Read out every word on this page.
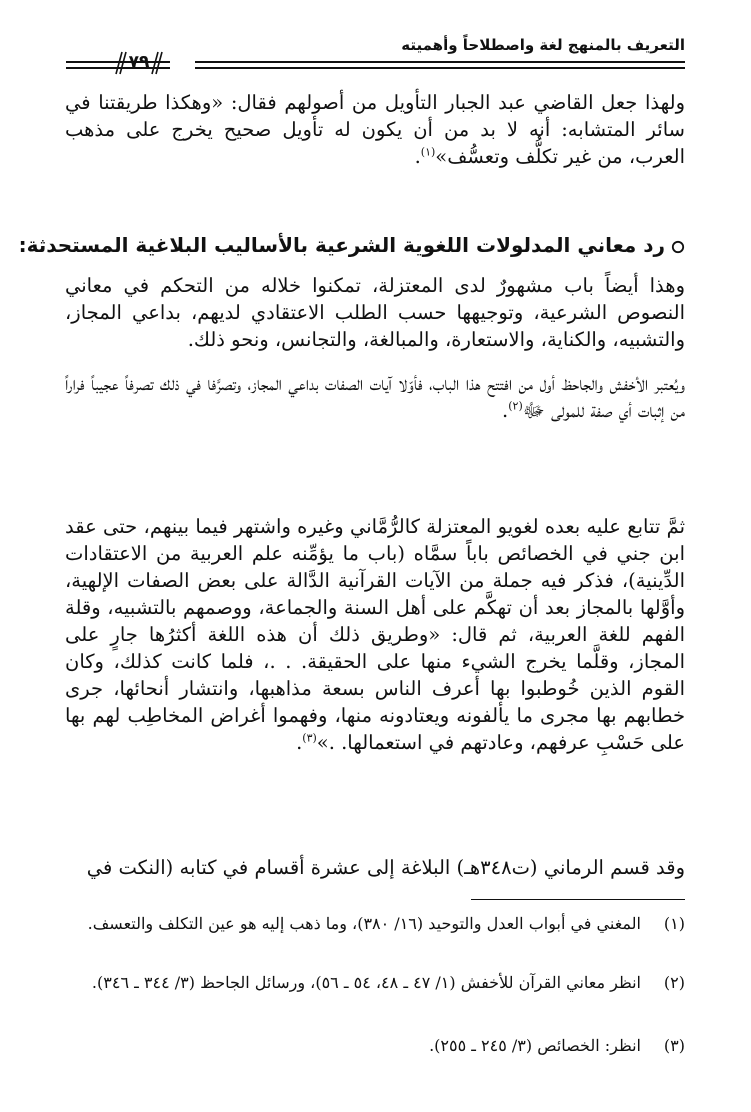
التعريف بالمنهج لغة واصطلاحاً وأهميته
٧٩
ولهذا جعل القاضي عبد الجبار التأويل من أصولهم فقال: «وهكذا طريقتنا في سائر المتشابه: أنه لا بد من أن يكون له تأويل صحيح يخرج على مذهب العرب، من غير تكلُّف وتعسُّف»$^{(١)}$.
رد معاني المدلولات اللغوية الشرعية بالأساليب البلاغية المستحدثة:
وهذا أيضاً باب مشهورٌ لدى المعتزلة، تمكنوا خلاله من التحكم في معاني النصوص الشرعية، وتوجيهها حسب الطلب الاعتقادي لديهم، بداعي المجاز، والتشبيه، والكناية، والاستعارة، والمبالغة، والتجانس، ونحو ذلك.
ويُعتبر الأخفش والجاحظ أول من افتتح هذا الباب، فأوّلا آيات الصفات بداعي المجاز، وتصرَّفا في ذلك تصرفاً عجيباً فراراً من إثبات أي صفة للمولى ﷻ$^{(٢)}$.
ثمَّ تتابع عليه بعده لغويو المعتزلة كالرُّمَّاني وغيره واشتهر فيما بينهم، حتى عقد ابن جني في الخصائص باباً سمَّاه (باب ما يؤمِّنه علم العربية من الاعتقادات الدِّينية)، فذكر فيه جملة من الآيات القرآنية الدَّالة على بعض الصفات الإلهية، وأوَّلها بالمجاز بعد أن تهكَّم على أهل السنة والجماعة، ووصمهم بالتشبيه، وقلة الفهم للغة العربية، ثم قال: «وطريق ذلك أن هذه اللغة أكثرُها جارٍ على المجاز، وقلَّما يخرج الشيء منها على الحقيقة. . .، فلما كانت كذلك، وكان القوم الذين خُوطبوا بها أعرف الناس بسعة مذاهبها، وانتشار أنحائها، جرى خطابهم بها مجرى ما يألفونه ويعتادونه منها، وفهموا أغراض المخاطِب لهم بها على حَسْبِ عرفهم، وعادتهم في استعمالها. .»$^{(٣)}$.
وقد قسم الرماني (ت٣٤٨هـ) البلاغة إلى عشرة أقسام في كتابه (النكت في
(١)
المغني في أبواب العدل والتوحيد (١٦/ ٣٨٠)، وما ذهب إليه هو عين التكلف والتعسف.
(٢)
انظر معاني القرآن للأخفش (١/ ٤٧ ـ ٤٨، ٥٤ ـ ٥٦)، ورسائل الجاحظ (٣/ ٣٤٤ ـ ٣٤٦).
(٣)
انظر: الخصائص (٣/ ٢٤٥ ـ ٢٥٥).
